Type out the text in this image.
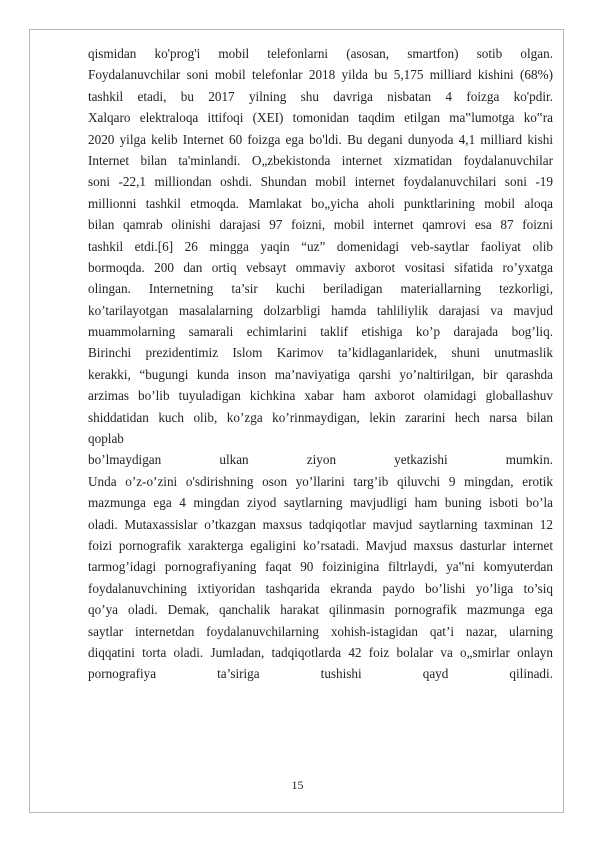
qismidan ko'prog'i mobil telefonlarni (asosan, smartfon) sotib olgan.
Foydalanuvchilar soni mobil telefonlar 2018 yilda bu 5,175 milliard kishini (68%)
tashkil etadi, bu 2017 yilning shu davriga nisbatan 4 foizga ko'pdir.
Xalqaro elektraloqa ittifoqi (XEI) tomonidan taqdim etilgan ma‟lumotga ko‟ra
2020 yilga kelib Internet 60 foizga ega bo'ldi. Bu degani dunyoda 4,1 milliard kishi
Internet bilan ta'minlandi. O„zbekistonda internet xizmatidan foydalanuvchilar
soni -22,1 milliondan oshdi. Shundan mobil internet foydalanuvchilari soni -19
millionni tashkil etmoqda. Mamlakat bo„yicha aholi punktlarining mobil aloqa
bilan qamrab olinishi darajasi 97 foizni, mobil internet qamrovi esa 87 foizni
tashkil etdi.[6] 26 mingga yaqin “uz” domenidagi veb-saytlar faoliyat olib
bormoqda. 200 dan ortiq vebsayt ommaviy axborot vositasi sifatida ro’yxatga
olingan. Internetning ta’sir kuchi beriladigan materiallarning tezkorligi,
ko’tarilayotgan masalalarning dolzarbligi hamda tahliliylik darajasi va mavjud
muammolarning samarali echimlarini taklif etishiga ko’p darajada bog’liq.
Birinchi prezidentimiz Islom Karimov ta’kidlaganlaridek, shuni unutmaslik
kerakki, “bugungi kunda inson ma’naviyatiga qarshi yo’naltirilgan, bir qarashda
arzimas bo’lib tuyuladigan kichkina xabar ham axborot olamidagi globallashuv
shiddatidan kuch olib, ko’zga ko’rinmaydigan, lekin zararini hech narsa bilan
qoplab
bo’lmaydigan ulkan ziyon yetkazishi mumkin.
Unda o’z-o’zini o'sdirishning oson yo’llarini targ’ib qiluvchi 9 mingdan, erotik
mazmunga ega 4 mingdan ziyod saytlarning mavjudligi ham buning isboti bo’la
oladi. Mutaxassislar o’tkazgan maxsus tadqiqotlar mavjud saytlarning taxminan 12
foizi pornografik xarakterga egaligini ko’rsatadi. Mavjud maxsus dasturlar internet
tarmog’idagi pornografiyaning faqat 90 foizinigina filtrlaydi, ya‟ni komyuterdan
foydalanuvchining ixtiyoridan tashqarida ekranda paydo bo’lishi yo’liga to’siq
qo’ya oladi. Demak, qanchalik harakat qilinmasin pornografik mazmunga ega
saytlar internetdan foydalanuvchilarning xohish-istagidan qat’i nazar, ularning
diqqatini torta oladi. Jumladan, tadqiqotlarda 42 foiz bolalar va o„smirlar onlayn
pornografiya ta’siriga tushishi qayd qilinadi.
15
